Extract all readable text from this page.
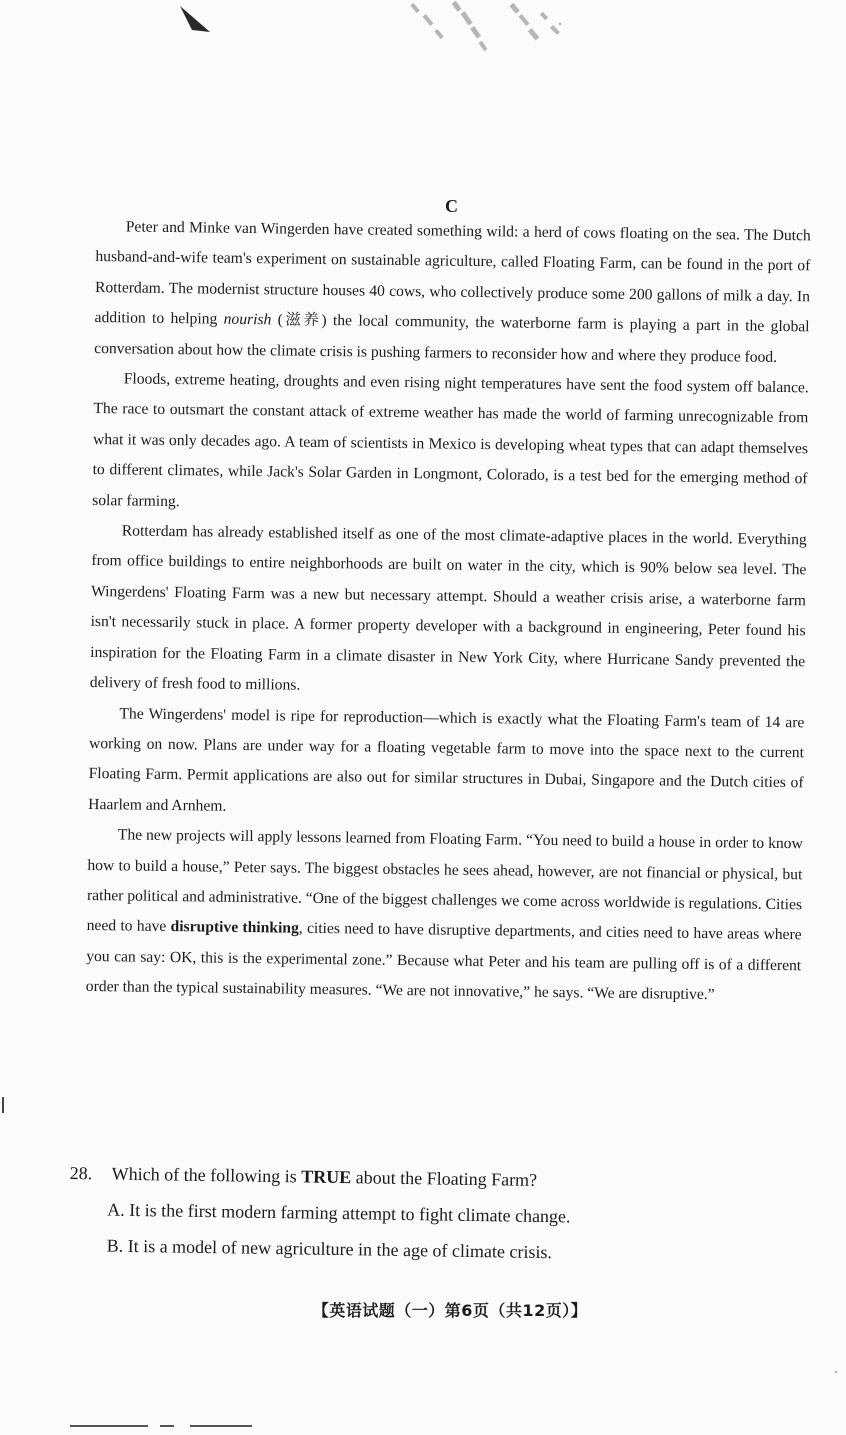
C

Peter and Minke van Wingerden have created something wild: a herd of cows floating on the sea. The Dutch husband-and-wife team's experiment on sustainable agriculture, called Floating Farm, can be found in the port of Rotterdam. The modernist structure houses 40 cows, who collectively produce some 200 gallons of milk a day. In addition to helping nourish (滋养) the local community, the waterborne farm is playing a part in the global conversation about how the climate crisis is pushing farmers to reconsider how and where they produce food.

Floods, extreme heating, droughts and even rising night temperatures have sent the food system off balance. The race to outsmart the constant attack of extreme weather has made the world of farming unrecognizable from what it was only decades ago. A team of scientists in Mexico is developing wheat types that can adapt themselves to different climates, while Jack's Solar Garden in Longmont, Colorado, is a test bed for the emerging method of solar farming.

Rotterdam has already established itself as one of the most climate-adaptive places in the world. Everything from office buildings to entire neighborhoods are built on water in the city, which is 90% below sea level. The Wingerdens' Floating Farm was a new but necessary attempt. Should a weather crisis arise, a waterborne farm isn't necessarily stuck in place. A former property developer with a background in engineering, Peter found his inspiration for the Floating Farm in a climate disaster in New York City, where Hurricane Sandy prevented the delivery of fresh food to millions.

The Wingerdens' model is ripe for reproduction—which is exactly what the Floating Farm's team of 14 are working on now. Plans are under way for a floating vegetable farm to move into the space next to the current Floating Farm. Permit applications are also out for similar structures in Dubai, Singapore and the Dutch cities of Haarlem and Arnhem.

The new projects will apply lessons learned from Floating Farm. “You need to build a house in order to know how to build a house,” Peter says. The biggest obstacles he sees ahead, however, are not financial or physical, but rather political and administrative. “One of the biggest challenges we come across worldwide is regulations. Cities need to have disruptive thinking, cities need to have disruptive departments, and cities need to have areas where you can say: OK, this is the experimental zone.” Because what Peter and his team are pulling off is of a different order than the typical sustainability measures. “We are not innovative,” he says. “We are disruptive.”

28. Which of the following is TRUE about the Floating Farm?
A. It is the first modern farming attempt to fight climate change.
B. It is a model of new agriculture in the age of climate crisis.
【英语试题（一）第6页（共12页）】
